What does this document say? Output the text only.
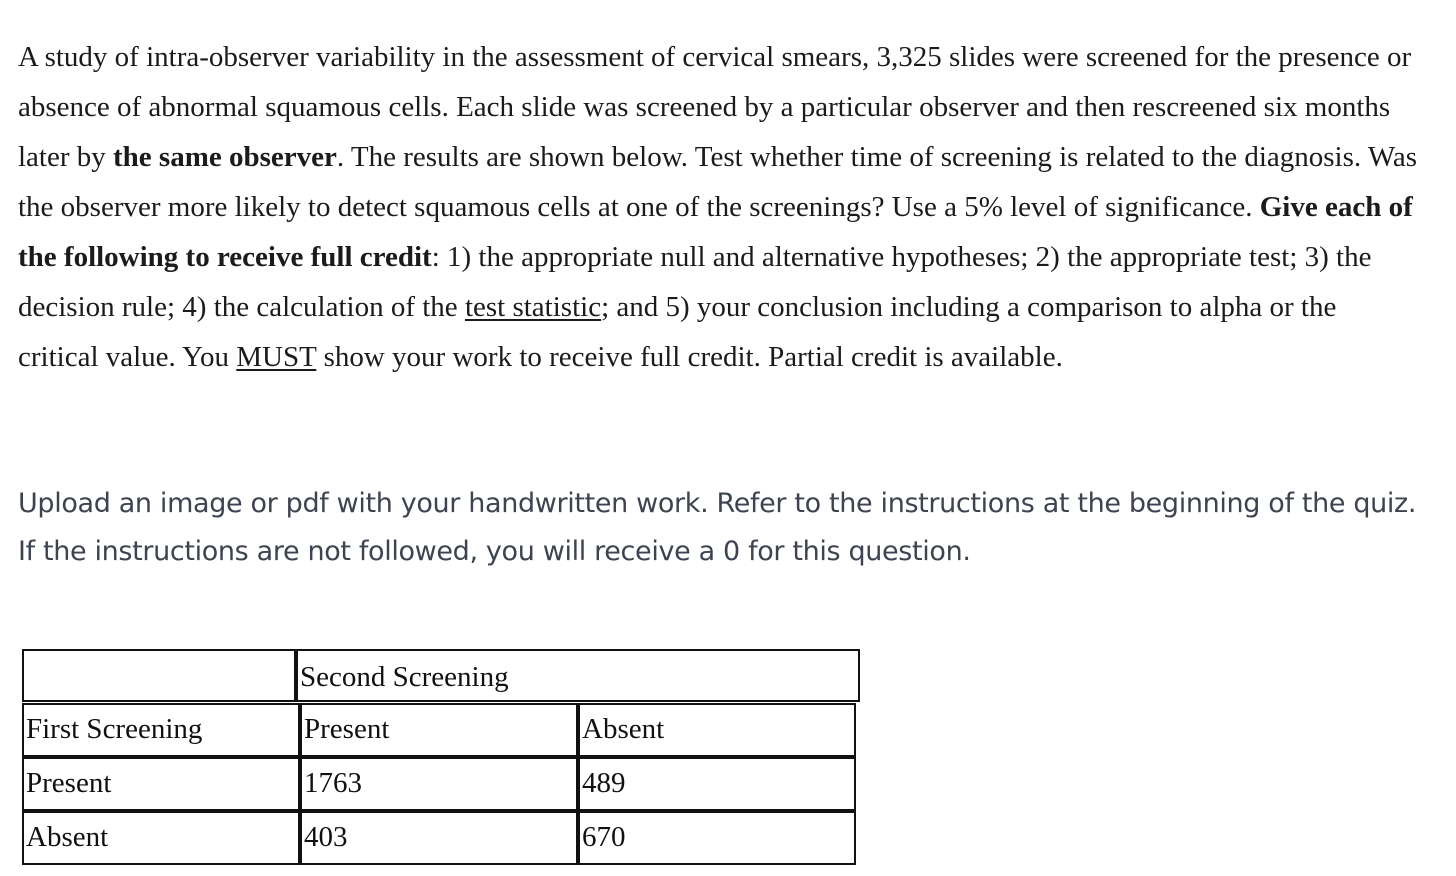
A study of intra-observer variability in the assessment of cervical smears, 3,325 slides were screened for the presence or absence of abnormal squamous cells. Each slide was screened by a particular observer and then rescreened six months later by the same observer. The results are shown below. Test whether time of screening is related to the diagnosis. Was the observer more likely to detect squamous cells at one of the screenings? Use a 5% level of significance. Give each of the following to receive full credit: 1) the appropriate null and alternative hypotheses; 2) the appropriate test; 3) the decision rule; 4) the calculation of the test statistic; and 5) your conclusion including a comparison to alpha or the critical value. You MUST show your work to receive full credit. Partial credit is available.

Upload an image or pdf with your handwritten work. Refer to the instructions at the beginning of the quiz. If the instructions are not followed, you will receive a 0 for this question.

Second Screening
First Screening	Present	Absent
Present	1763	489
Absent	403	670
